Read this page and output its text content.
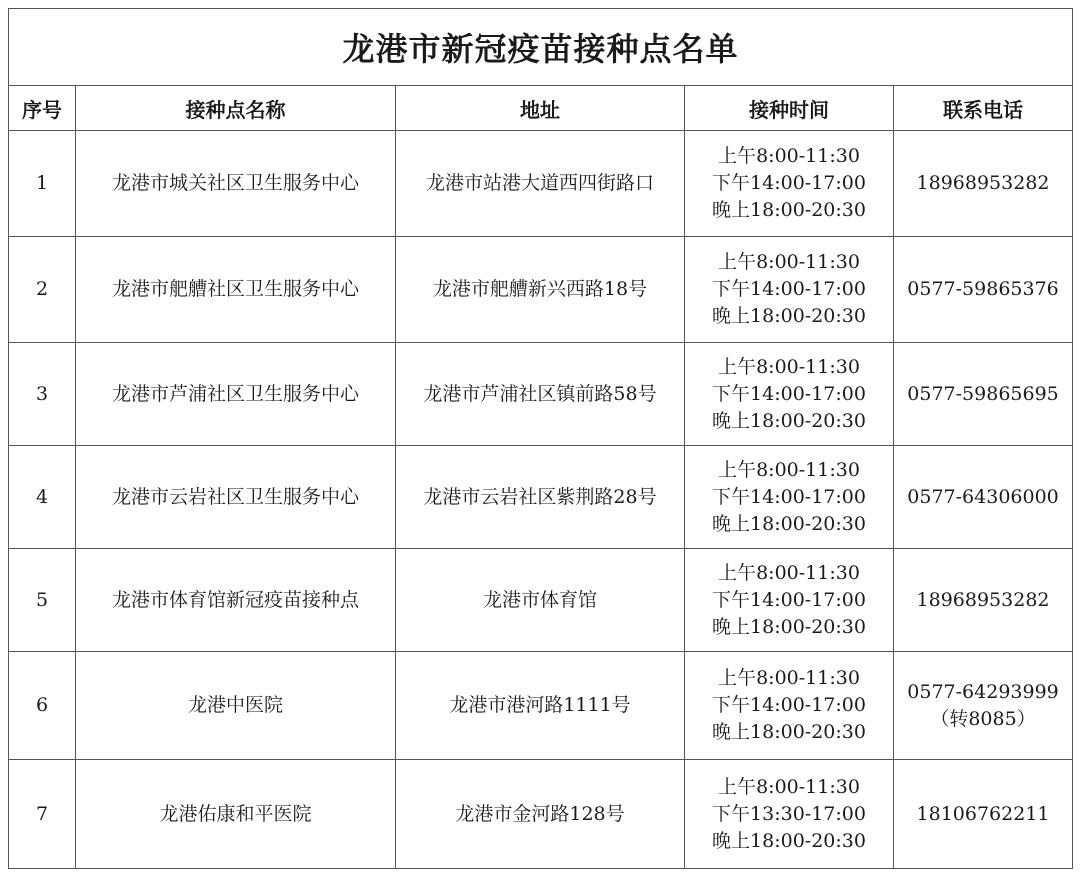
龙港市新冠疫苗接种点名单				
序号	接种点名称	地址	接种时间	联系电话
1	龙港市城关社区卫生服务中心	龙港市站港大道西四街路口	上午8:00-11:30
下午14:00-17:00
晚上18:00-20:30	18968953282

2	龙港市舥艚社区卫生服务中心	龙港市舥艚新兴西路18号	上午8:00-11:30
下午14:00-17:00
晚上18:00-20:30	0577-59865376

3	龙港市芦浦社区卫生服务中心	龙港市芦浦社区镇前路58号	上午8:00-11:30
下午14:00-17:00
晚上18:00-20:30	0577-59865695

4	龙港市云岩社区卫生服务中心	龙港市云岩社区紫荆路28号	上午8:00-11:30
下午14:00-17:00
晚上18:00-20:30	0577-64306000

5	龙港市体育馆新冠疫苗接种点	龙港市体育馆	上午8:00-11:30
下午14:00-17:00
晚上18:00-20:30	18968953282

6	龙港中医院	龙港市港河路1111号	上午8:00-11:30
下午14:00-17:00
晚上18:00-20:30	0577-64293999
（转8085）

7	龙港佑康和平医院	龙港市金河路128号	上午8:00-11:30
下午13:30-17:00
晚上18:00-20:30	18106762211
